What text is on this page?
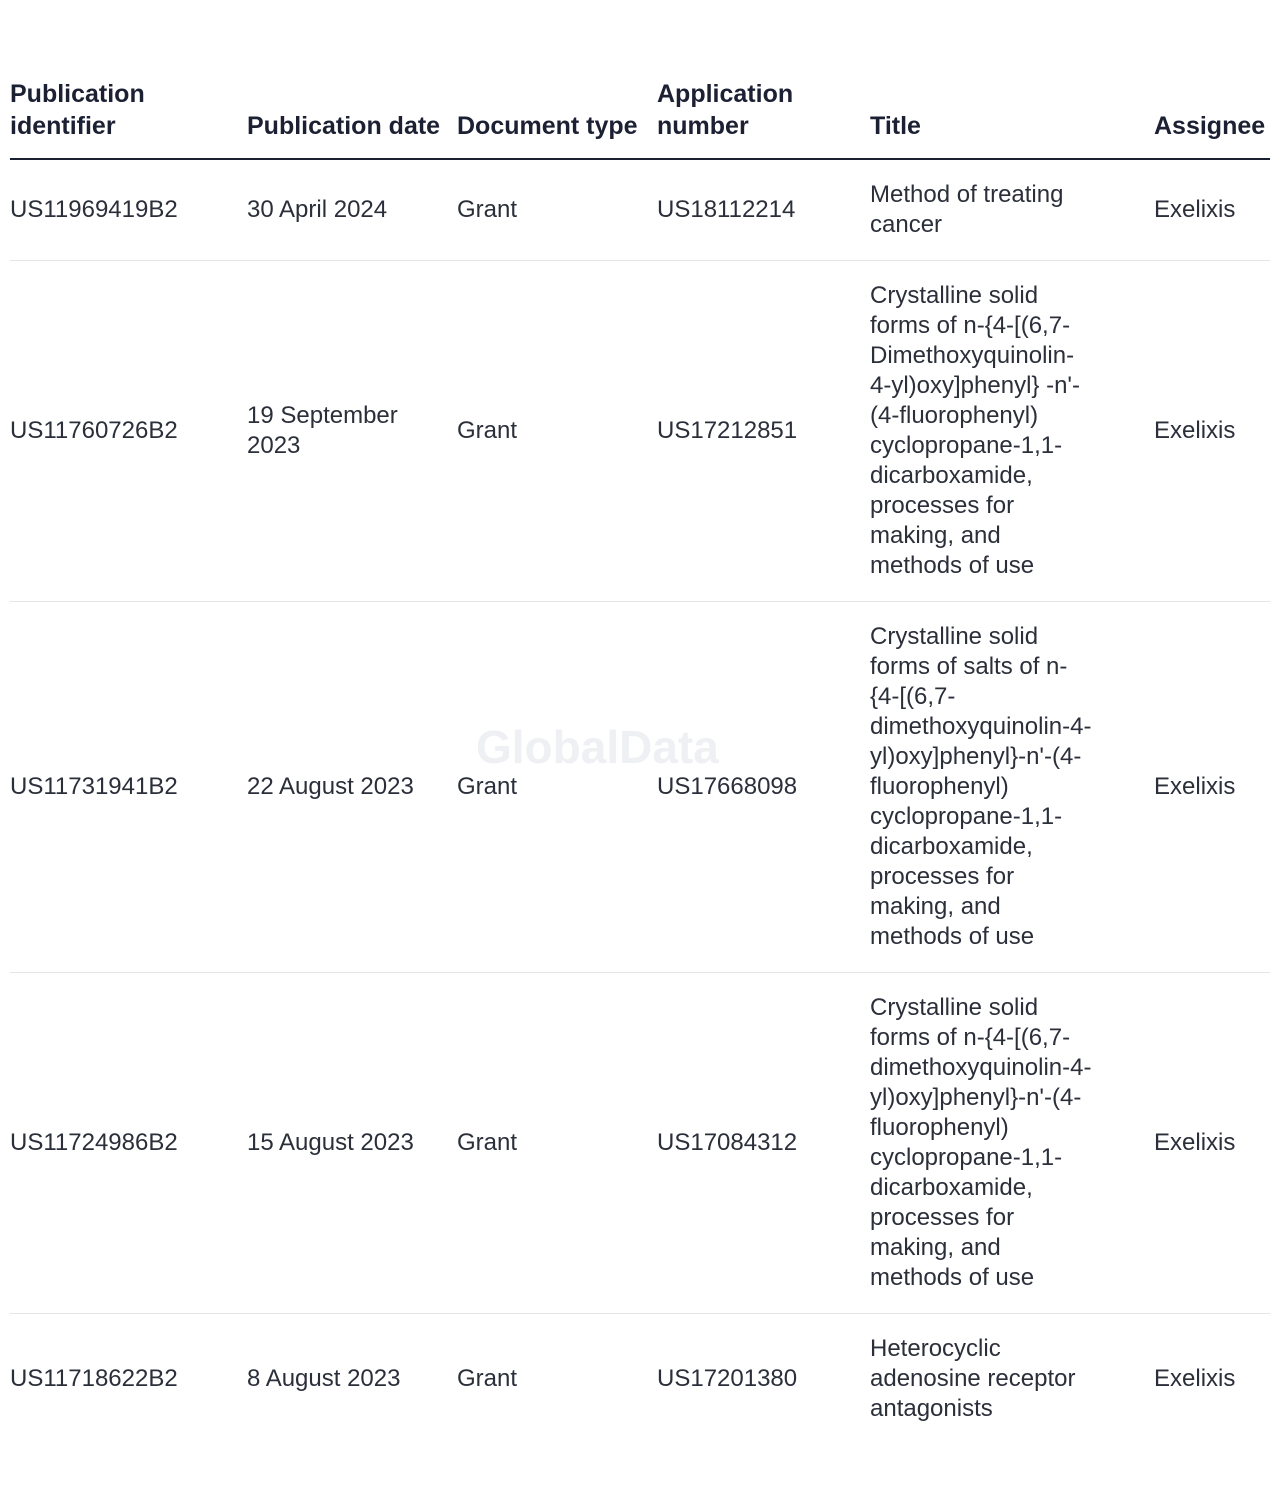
Publication identifier	Publication date	Document type	Application number	Title	Assignee
US11969419B2	30 April 2024	Grant	US18112214	Method of treating cancer	Exelixis
US11760726B2	19 September 2023	Grant	US17212851	Crystalline solid forms of n-{4-[(6,7-Dimethoxyquinolin-4-yl)oxy]phenyl} -n'-(4-fluorophenyl) cyclopropane-1,1-dicarboxamide, processes for making, and methods of use	Exelixis
US11731941B2	22 August 2023	Grant	US17668098	Crystalline solid forms of salts of n-{4-[(6,7-dimethoxyquinolin-4-yl)oxy]phenyl}-n'-(4-fluorophenyl) cyclopropane-1,1-dicarboxamide, processes for making, and methods of use	Exelixis
US11724986B2	15 August 2023	Grant	US17084312	Crystalline solid forms of n-{4-[(6,7-dimethoxyquinolin-4-yl)oxy]phenyl}-n'-(4-fluorophenyl) cyclopropane-1,1-dicarboxamide, processes for making, and methods of use	Exelixis
US11718622B2	8 August 2023	Grant	US17201380	Heterocyclic adenosine receptor antagonists	Exelixis
GlobalData
